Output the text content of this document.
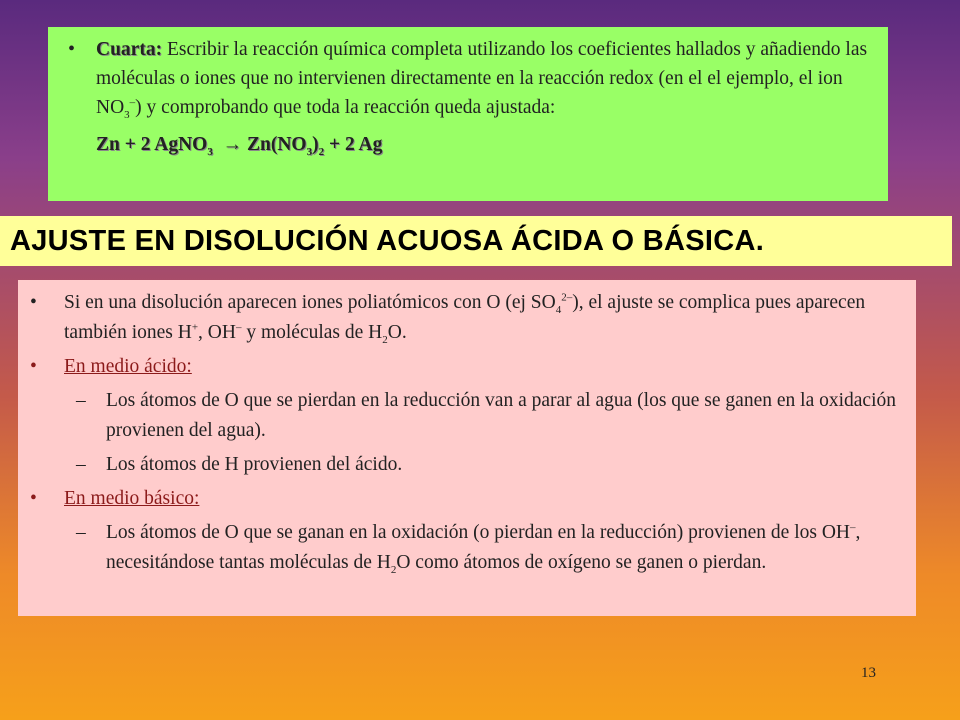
• Cuarta: Escribir la reacción química completa utilizando los coeficientes hallados y añadiendo las moléculas o iones que no intervienen directamente en la reacción redox (en el el ejemplo, el ion $NO_3^-$) y comprobando que toda la reacción queda ajustada:
Zn + 2 AgNO$_3$ → $Zn(NO_3)_2 + 2$ Ag
AJUSTE EN DISOLUCIÓN ACUOSA ÁCIDA O BÁSICA.

• Si en una disolución aparecen iones poliatómicos con O (ej $SO_4^{2-}$), el ajuste se complica pues aparecen también iones H+, OH– y moléculas de $H_2O$.

• En medio ácido:

– Los átomos de O que se pierdan en la reducción van a parar al agua (los que se ganen en la oxidación provienen del agua).

– Los átomos de H provienen del ácido.

• En medio básico:

– Los átomos de O que se ganan en la oxidación (o pierdan en la reducción) provienen de los OH–, necesitándose tantas moléculas de $H_2O$ como átomos de oxígeno se ganen o pierdan.

13
